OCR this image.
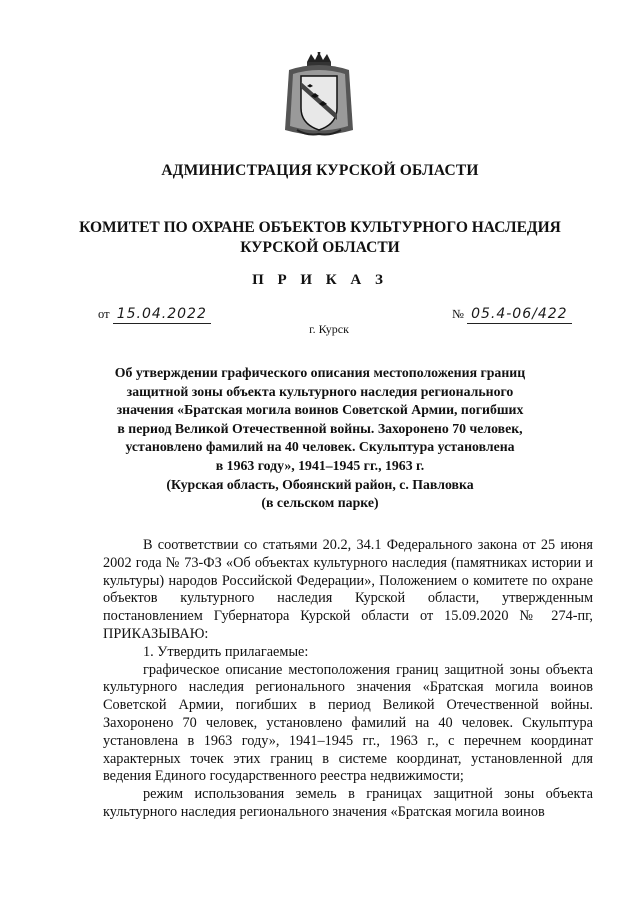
АДМИНИСТРАЦИЯ КУРСКОЙ ОБЛАСТИ
КОМИТЕТ ПО ОХРАНЕ ОБЪЕКТОВ КУЛЬТУРНОГО НАСЛЕДИЯ
КУРСКОЙ ОБЛАСТИ
П Р И К А З
от 15.04.2022	№ 05.4-06/422
г. Курск
Об утверждении графического описания местоположения границ
защитной зоны объекта культурного наследия регионального
значения «Братская могила воинов Советской Армии, погибших
в период Великой Отечественной войны. Захоронено 70 человек,
установлено фамилий на 40 человек. Скульптура установлена
в 1963 году», 1941–1945 гг., 1963 г.
(Курская область, Обоянский район, с. Павловка
(в сельском парке)

В соответствии со статьями 20.2, 34.1 Федерального закона от 25 июня 2002 года № 73-ФЗ «Об объектах культурного наследия (памятниках истории и культуры) народов Российской Федерации», Положением о комитете по охране объектов культурного наследия Курской области, утвержденным постановлением Губернатора Курской области от 15.09.2020 № 274-пг, ПРИКАЗЫВАЮ:

1. Утвердить прилагаемые:

графическое описание местоположения границ защитной зоны объекта культурного наследия регионального значения «Братская могила воинов Советской Армии, погибших в период Великой Отечественной войны. Захоронено 70 человек, установлено фамилий на 40 человек. Скульптура установлена в 1963 году», 1941–1945 гг., 1963 г., с перечнем координат характерных точек этих границ в системе координат, установленной для ведения Единого государственного реестра недвижимости;

режим использования земель в границах защитной зоны объекта культурного наследия регионального значения «Братская могила воинов
